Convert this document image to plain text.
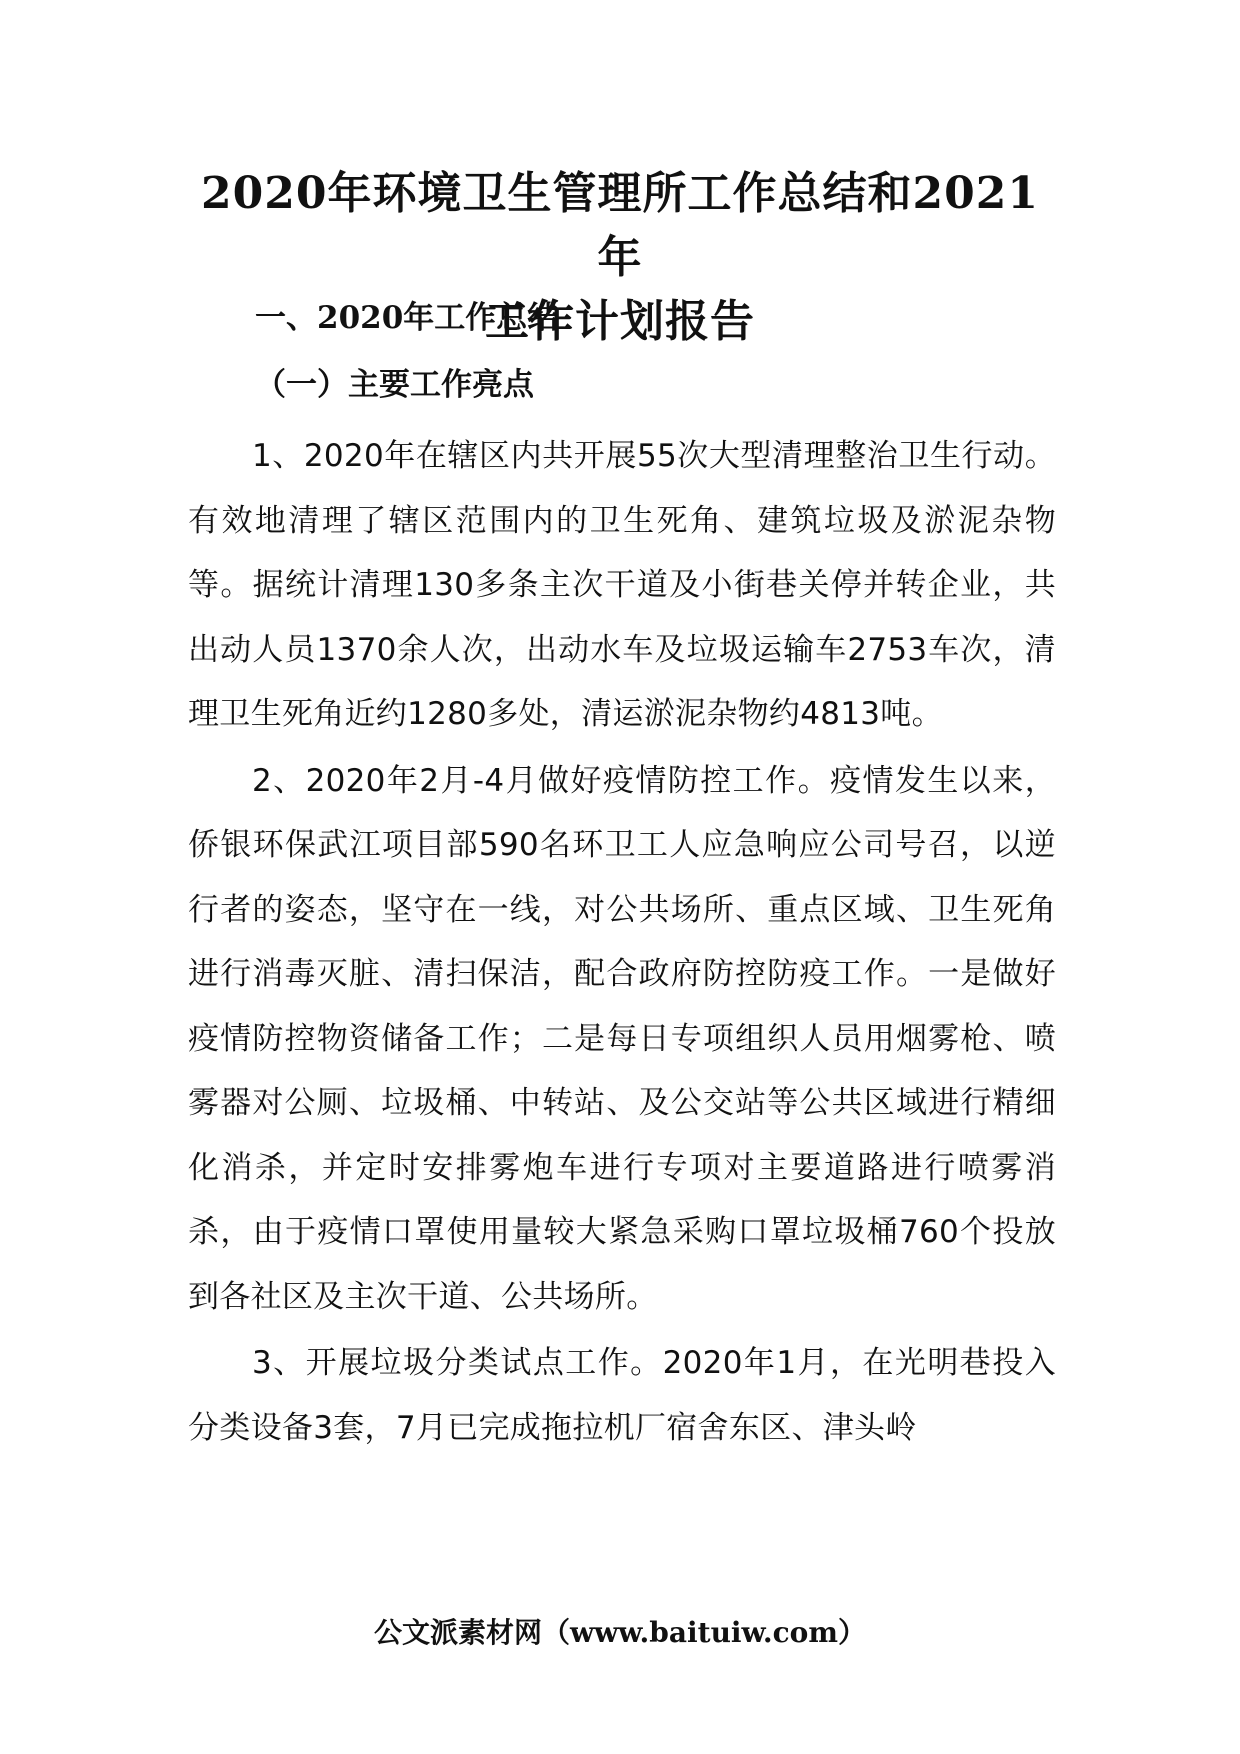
2020年环境卫生管理所工作总结和2021年
工作计划报告
一、2020年工作总结
（一）主要工作亮点

1、2020年在辖区内共开展55次大型清理整治卫生行动。有效地清理了辖区范围内的卫生死角、建筑垃圾及淤泥杂物等。据统计清理130多条主次干道及小街巷关停并转企业，共出动人员1370余人次，出动水车及垃圾运输车2753车次，清理卫生死角近约1280多处，清运淤泥杂物约4813吨。

2、2020年2月-4月做好疫情防控工作。疫情发生以来，侨银环保武江项目部590名环卫工人应急响应公司号召，以逆行者的姿态，坚守在一线，对公共场所、重点区域、卫生死角进行消毒灭脏、清扫保洁，配合政府防控防疫工作。一是做好疫情防控物资储备工作；二是每日专项组织人员用烟雾枪、喷雾器对公厕、垃圾桶、中转站、及公交站等公共区域进行精细化消杀，并定时安排雾炮车进行专项对主要道路进行喷雾消杀，由于疫情口罩使用量较大紧急采购口罩垃圾桶760个投放到各社区及主次干道、公共场所。

3、开展垃圾分类试点工作。2020年1月，在光明巷投入分类设备3套，7月已完成拖拉机厂宿舍东区、津头岭

公文派素材网（www.baituiw.com）
